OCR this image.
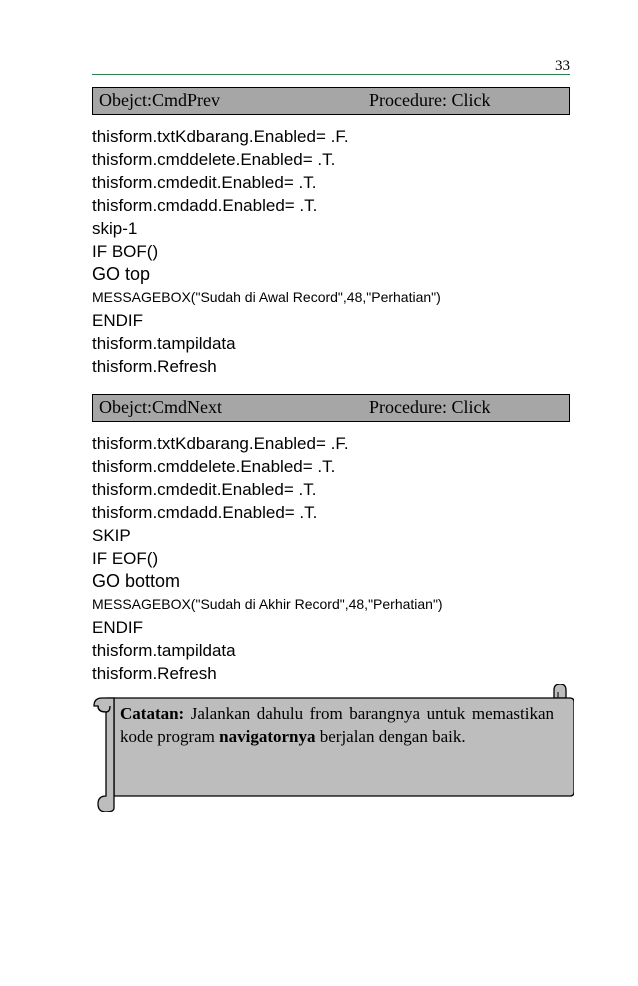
33
Obejct:CmdPrev	Procedure: Click
thisform.txtKdbarang.Enabled= .F.
thisform.cmddelete.Enabled= .T.
thisform.cmdedit.Enabled= .T.
thisform.cmdadd.Enabled= .T.
skip-1
IF BOF()
GO top
MESSAGEBOX("Sudah di Awal Record",48,"Perhatian")
ENDIF
thisform.tampildata
thisform.Refresh
Obejct:CmdNext	Procedure: Click
thisform.txtKdbarang.Enabled= .F.
thisform.cmddelete.Enabled= .T.
thisform.cmdedit.Enabled= .T.
thisform.cmdadd.Enabled= .T.
SKIP
IF EOF()
GO bottom
MESSAGEBOX("Sudah di Akhir Record",48,"Perhatian")
ENDIF
thisform.tampildata
thisform.Refresh
Catatan: Jalankan dahulu from barangnya untuk memastikan kode program navigatornya berjalan dengan baik.
